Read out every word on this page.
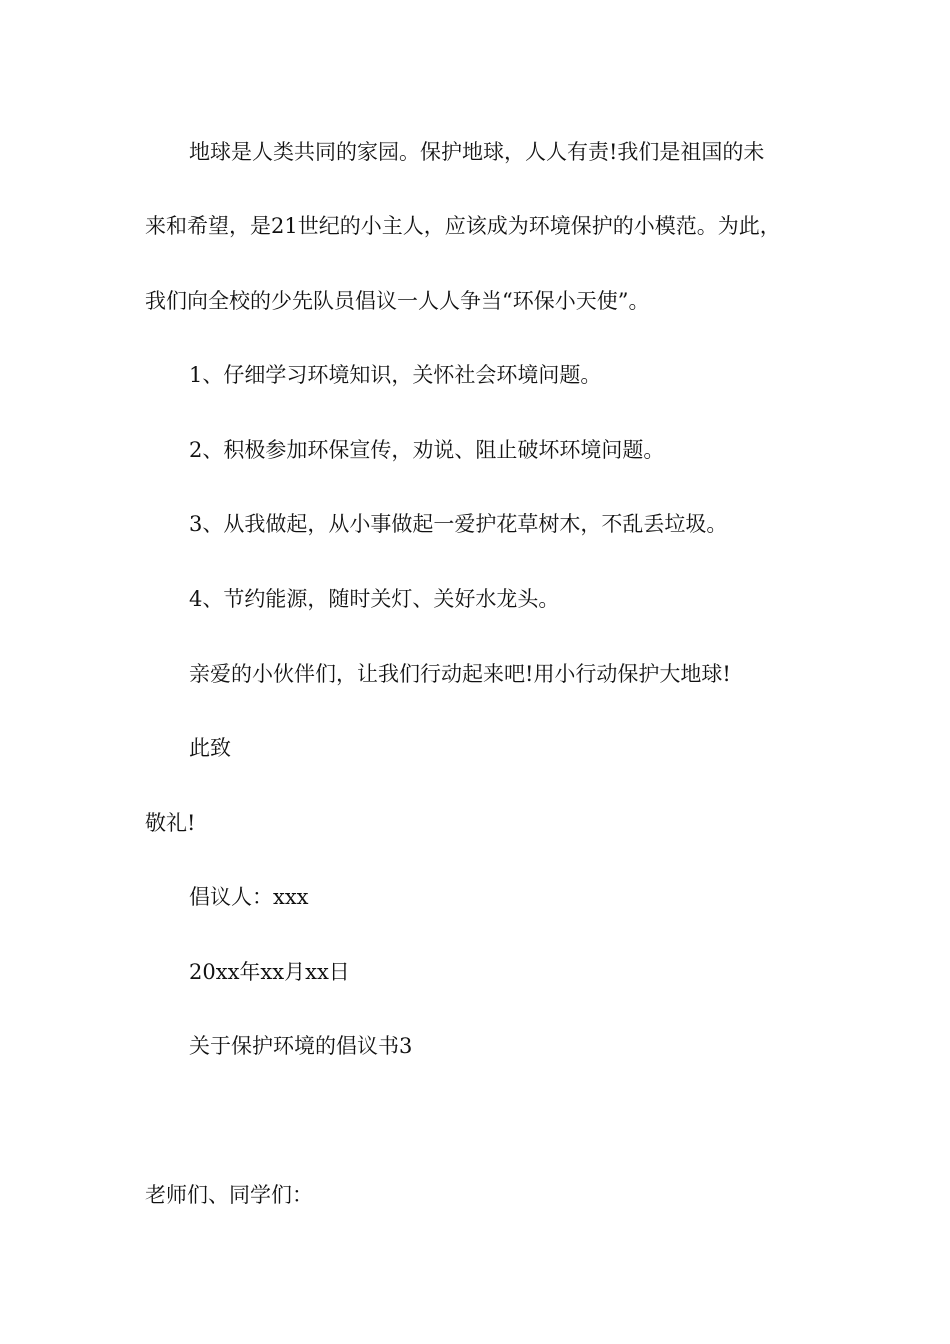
地球是人类共同的家园。保护地球，人人有责!我们是祖国的未
来和希望，是21世纪的小主人，应该成为环境保护的小模范。为此，
我们向全校的少先队员倡议一人人争当“环保小天使”。
1、仔细学习环境知识，关怀社会环境问题。
2、积极参加环保宣传，劝说、阻止破坏环境问题。
3、从我做起，从小事做起一爱护花草树木，不乱丢垃圾。
4、节约能源，随时关灯、关好水龙头。
亲爱的小伙伴们，让我们行动起来吧!用小行动保护大地球!
此致
敬礼!
倡议人：xxx
20xx年xx月xx日
关于保护环境的倡议书3
老师们、同学们：
